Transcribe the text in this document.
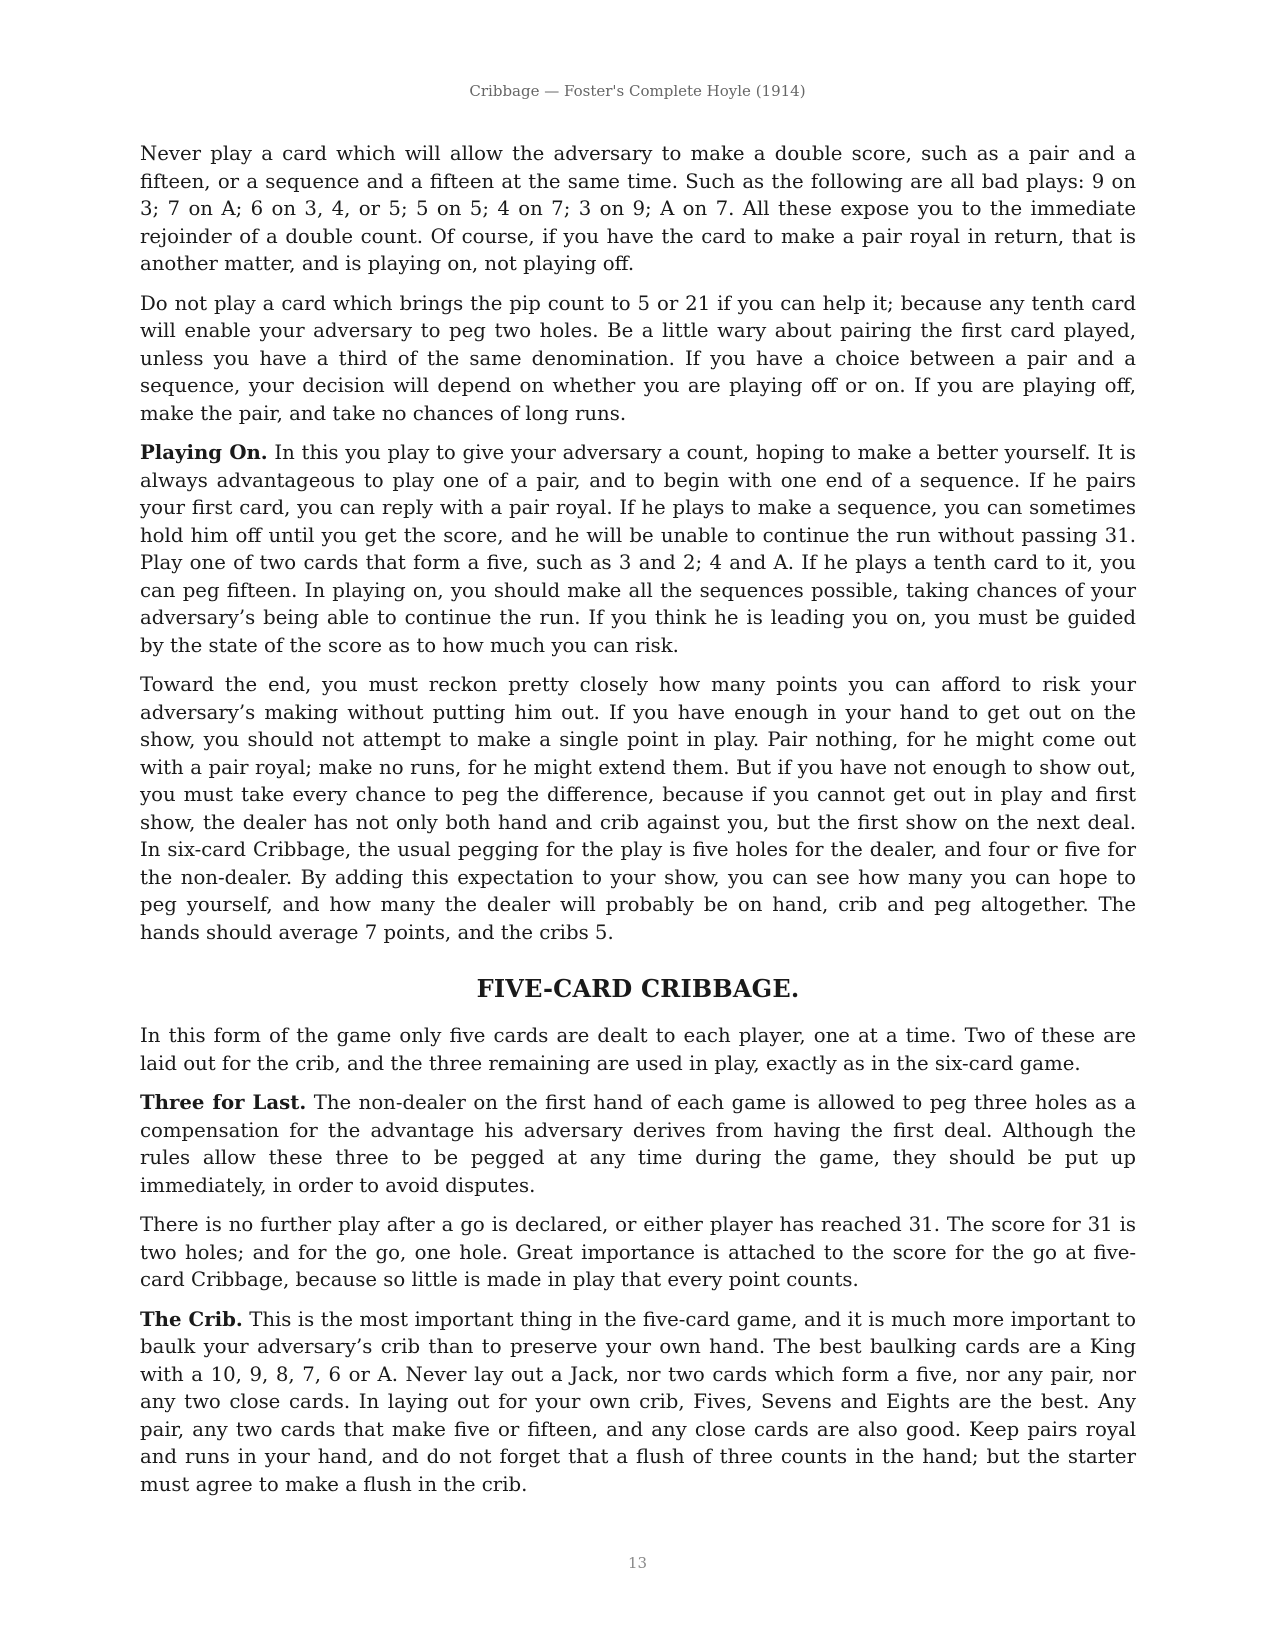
Cribbage — Foster's Complete Hoyle (1914)

Never play a card which will allow the adversary to make a double score, such as a pair and a fifteen, or a sequence and a fifteen at the same time. Such as the following are all bad plays: 9 on 3; 7 on A; 6 on 3, 4, or 5; 5 on 5; 4 on 7; 3 on 9; A on 7. All these expose you to the immediate rejoinder of a double count. Of course, if you have the card to make a pair royal in return, that is another matter, and is playing on, not playing off.

Do not play a card which brings the pip count to 5 or 21 if you can help it; because any tenth card will enable your adversary to peg two holes. Be a little wary about pairing the first card played, unless you have a third of the same denomination. If you have a choice between a pair and a sequence, your decision will depend on whether you are playing off or on. If you are playing off, make the pair, and take no chances of long runs.

Playing On. In this you play to give your adversary a count, hoping to make a better yourself. It is always advantageous to play one of a pair, and to begin with one end of a sequence. If he pairs your first card, you can reply with a pair royal. If he plays to make a sequence, you can sometimes hold him off until you get the score, and he will be unable to continue the run without passing 31. Play one of two cards that form a five, such as 3 and 2; 4 and A. If he plays a tenth card to it, you can peg fifteen. In playing on, you should make all the sequences possible, taking chances of your adversary’s being able to continue the run. If you think he is leading you on, you must be guided by the state of the score as to how much you can risk.

Toward the end, you must reckon pretty closely how many points you can afford to risk your adversary’s making without putting him out. If you have enough in your hand to get out on the show, you should not attempt to make a single point in play. Pair nothing, for he might come out with a pair royal; make no runs, for he might extend them. But if you have not enough to show out, you must take every chance to peg the difference, because if you cannot get out in play and first show, the dealer has not only both hand and crib against you, but the first show on the next deal. In six-card Cribbage, the usual pegging for the play is five holes for the dealer, and four or five for the non-dealer. By adding this expectation to your show, you can see how many you can hope to peg yourself, and how many the dealer will probably be on hand, crib and peg altogether. The hands should average 7 points, and the cribs 5.

FIVE-CARD CRIBBAGE.

In this form of the game only five cards are dealt to each player, one at a time. Two of these are laid out for the crib, and the three remaining are used in play, exactly as in the six-card game.

Three for Last. The non-dealer on the first hand of each game is allowed to peg three holes as a compensation for the advantage his adversary derives from having the first deal. Although the rules allow these three to be pegged at any time during the game, they should be put up immediately, in order to avoid disputes.

There is no further play after a go is declared, or either player has reached 31. The score for 31 is two holes; and for the go, one hole. Great importance is attached to the score for the go at five-card Cribbage, because so little is made in play that every point counts.

The Crib. This is the most important thing in the five-card game, and it is much more important to baulk your adversary’s crib than to preserve your own hand. The best baulking cards are a King with a 10, 9, 8, 7, 6 or A. Never lay out a Jack, nor two cards which form a five, nor any pair, nor any two close cards. In laying out for your own crib, Fives, Sevens and Eights are the best. Any pair, any two cards that make five or fifteen, and any close cards are also good. Keep pairs royal and runs in your hand, and do not forget that a flush of three counts in the hand; but the starter must agree to make a flush in the crib.

13
